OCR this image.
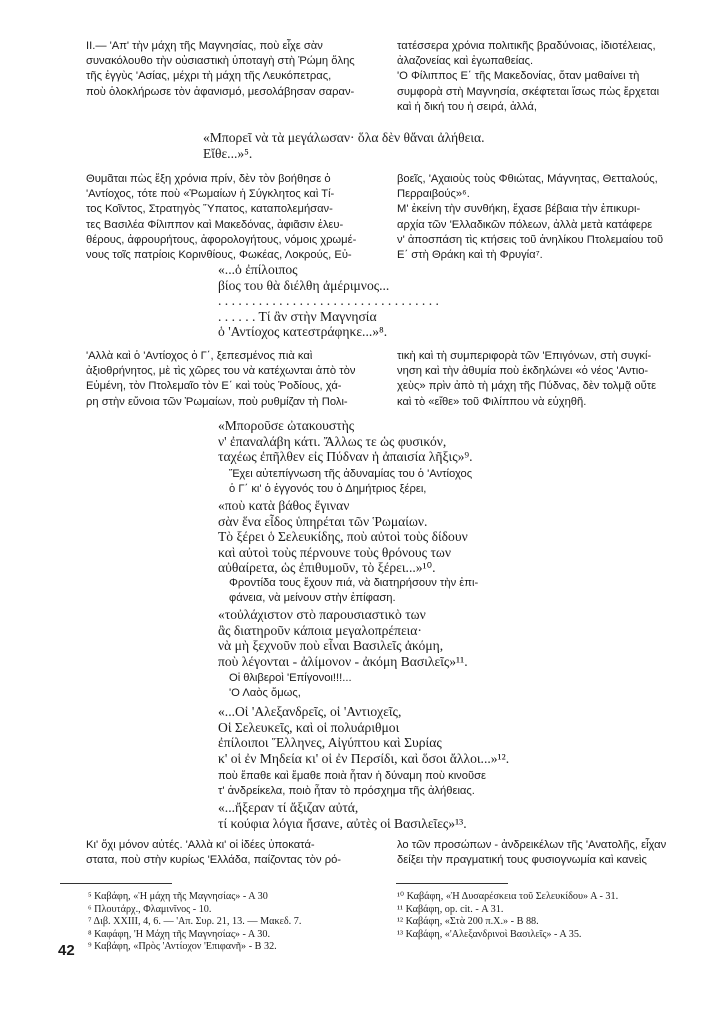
ΙΙ.— 'Απ' τὴν μάχη τῆς Μαγνησίας, ποὺ εἶχε σὰν
συνακόλουθο τὴν οὐσιαστικὴ ὑποταγὴ στὴ Ῥώμη ὅλης
τῆς ἐγγὺς 'Ασίας, μέχρι τὴ μάχη τῆς Λευκόπετρας,
ποὺ ὁλοκλήρωσε τὸν ἀφανισμό, μεσολάβησαν σαραν-
τατέσσερα χρόνια πολιτικῆς βραδύνοιας, ἰδιοτέλειας,
ἀλαζονείας καὶ ἐγωπαθείας.
'Ο Φίλιππος Ε΄ τῆς Μακεδονίας, ὅταν μαθαίνει τὴ
συμφορὰ στὴ Μαγνησία, σκέφτεται ἴσως πὼς ἔρχεται
καὶ ἡ δική του ἡ σειρά, ἀλλά,
«Μπορεῖ νὰ τὰ μεγάλωσαν· ὅλα δὲν θἄναι ἀλήθεια.
Εἴθε...»⁵.
Θυμᾶται πὼς ἕξη χρόνια πρίν, δὲν τὸν βοήθησε ὁ
'Αντίοχος, τότε ποὺ «Ῥωμαίων ἡ Σύγκλητος καὶ Τί-
τος Κοῖντος, Στρατηγὸς Ὕπατος, καταπολεμήσαν-
τες Βασιλέα Φίλιππον καὶ Μακεδόνας, ἀφιᾶσιν ἐλευ-
θέρους, ἀφρουρήτους, ἀφορολογήτους, νόμοις χρωμέ-
νους τοῖς πατρίοις Κορινθίους, Φωκέας, Λοκρούς, Εὐ-
βοεῖς, 'Αχαιοὺς τοὺς Φθιώτας, Μάγνητας, Θετταλούς,
Περραιβούς»⁶.
Μ' ἐκείνη τὴν συνθήκη, ἔχασε βέβαια τὴν ἐπικυρι-
αρχία τῶν 'Ελλαδικῶν πόλεων, ἀλλὰ μετὰ κατάφερε
ν' ἀποσπάση τὶς κτήσεις τοῦ ἀνηλίκου Πτολεμαίου τοῦ
Ε΄ στὴ Θράκη καὶ τὴ Φρυγία⁷.
«...ὁ ἐπίλοιπος
βίος του θὰ διέλθη ἀμέριμνος...
. . . . . . . . . . . . . . . . . . . . . . . . . . . . . . . . .
. . . . . . Τί ἂν στὴν Μαγνησία
ὁ 'Αντίοχος κατεστράφηκε...»⁸.
'Αλλὰ καὶ ὁ 'Αντίοχος ὁ Γ΄, ξεπεσμένος πιὰ καὶ
ἀξιοθρήνητος, μὲ τὶς χῶρες του νὰ κατέχωνται ἀπὸ τὸν
Εὐμένη, τὸν Πτολεμαῖο τὸν Ε΄ καὶ τοὺς Ῥοδίους, χά-
ρη στὴν εὔνοια τῶν Ῥωμαίων, ποὺ ρυθμίζαν τὴ Πολι-
τικὴ καὶ τὴ συμπεριφορὰ τῶν 'Επιγόνων, στὴ συγκί-
νηση καὶ τὴν ἀθυμία ποὺ ἐκδηλώνει «ὁ νέος 'Αντιο-
χεὺς» πρὶν ἀπὸ τὴ μάχη τῆς Πύδνας, δὲν τολμᾷ οὔτε
καὶ τὸ «εἴθε» τοῦ Φιλίππου νὰ εὐχηθῆ.
«Μποροῦσε ὠτακουστὴς
ν' ἐπαναλάβη κάτι. Ἄλλως τε ὡς φυσικόν,
ταχέως ἐπῆλθεν εἰς Πύδναν ἡ ἀπαισία λῆξις»⁹.
Ἔχει αὐτεπίγνωση τῆς ἀδυναμίας του ὁ 'Αντίοχος
ὁ Γ΄ κι' ὁ ἐγγονός του ὁ Δημήτριος ξέρει,
«ποὺ κατὰ βάθος ἔγιναν
σὰν ἕνα εἶδος ὑπηρέται τῶν Ῥωμαίων.
Τὸ ξέρει ὁ Σελευκίδης, ποὺ αὐτοὶ τοὺς δίδουν
καὶ αὐτοὶ τοὺς πέρνουνε τοὺς θρόνους των
αὐθαίρετα, ὡς ἐπιθυμοῦν, τὸ ξέρει...»¹⁰.
Φροντίδα τους ἔχουν πιά, νὰ διατηρήσουν τὴν ἐπι-
φάνεια, νὰ μείνουν στὴν ἐπίφαση.
«τοὐλάχιστον στὸ παρουσιαστικὸ των
ἂς διατηροῦν κάποια μεγαλοπρέπεια·
νὰ μὴ ξεχνοῦν ποὺ εἶναι Βασιλεῖς ἀκόμη,
ποὺ λέγονται - ἀλίμονον - ἀκόμη Βασιλεῖς»¹¹.
Οἱ θλιβεροὶ 'Επίγονοι!!!...
'Ο Λαὸς ὅμως,
«...Οἱ 'Αλεξανδρεῖς, οἱ 'Αντιοχεῖς,
Οἱ Σελευκεῖς, καὶ οἱ πολυάριθμοι
ἐπίλοιποι Ἕλληνες, Αἰγύπτου καὶ Συρίας
κ' οἱ ἐν Μηδεία κι' οἱ ἐν Περσίδι, καὶ ὅσοι ἄλλοι...»¹².
ποὺ ἔπαθε καὶ ἔμαθε ποιὰ ἦταν ἡ δύναμη ποὺ κινοῦσε
τ' ἀνδρείκελα, ποιὸ ἦταν τὸ πρόσχημα τῆς ἀλήθειας.
«...ἤξεραν τί ἄξιζαν αὐτά,
τί κούφια λόγια ἤσανε, αὐτὲς οἱ Βασιλεῖες»¹³.
Κι' ὄχι μόνον αὐτές. 'Αλλὰ κι' οἱ ἰδέες ὑποκατά-
στατα, ποὺ στὴν κυρίως 'Ελλάδα, παίζοντας τὸν ρό-
λο τῶν προσώπων - ἀνδρεικέλων τῆς 'Ανατολῆς, εἶχαν
δείξει τὴν πραγματική τους φυσιογνωμία καὶ κανεὶς
⁵ Καβάφη, «Ἡ μάχη τῆς Μαγνησίας» - Α 30
⁶ Πλουτάρχ., Φλαμινῖνος - 10.
⁷ Διβ. XXIII, 4, 6. — 'Απ. Συρ. 21, 13. — Μακεδ. 7.
⁸ Καφάφη, 'Η Μάχη τῆς Μαγνησίας» - Α 30.
⁹ Καβάφη, «Πρὸς 'Αντίοχον 'Επιφανῆ» - Β 32.
¹⁰ Καβάφη, «Ἡ Δυσαρέσκεια τοῦ Σελευκίδου» Α - 31.
¹¹ Καβάφη, op. cit. - Α 31.
¹² Καβάφη, «Στὰ 200 π.Χ.» - Β 88.
¹³ Καβάφη, «'Αλεξανδρινοὶ Βασιλεῖς» - Α 35.
42
